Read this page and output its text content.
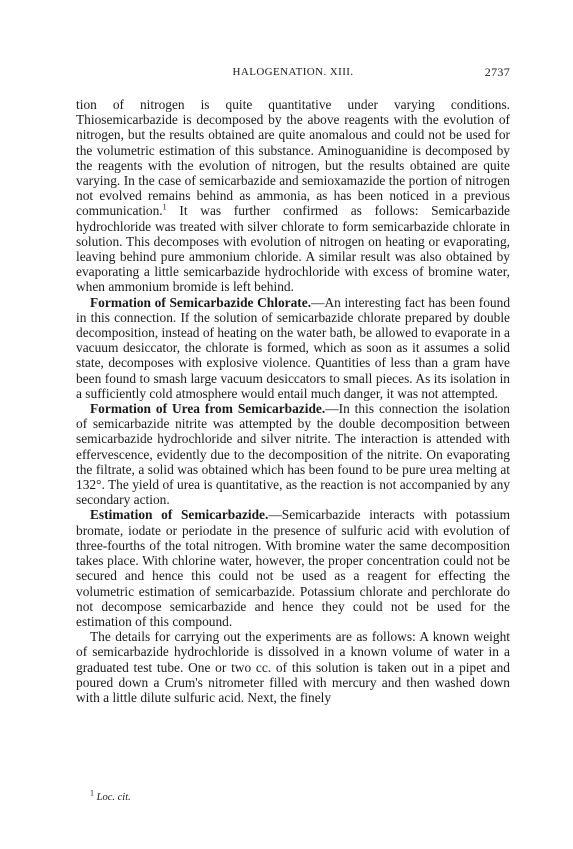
HALOGENATION. XIII.	2737

tion of nitrogen is quite quantitative under varying conditions. Thiosemicarbazide is decomposed by the above reagents with the evolution of nitrogen, but the results obtained are quite anomalous and could not be used for the volumetric estimation of this substance. Aminoguanidine is decomposed by the reagents with the evolution of nitrogen, but the results obtained are quite varying. In the case of semicarbazide and semioxamazide the portion of nitrogen not evolved remains behind as ammonia, as has been noticed in a previous communication.$^1$ It was further confirmed as follows: Semicarbazide hydrochloride was treated with silver chlorate to form semicarbazide chlorate in solution. This decomposes with evolution of nitrogen on heating or evaporating, leaving behind pure ammonium chloride. A similar result was also obtained by evaporating a little semicarbazide hydrochloride with excess of bromine water, when ammonium bromide is left behind.

Formation of Semicarbazide Chlorate.—An interesting fact has been found in this connection. If the solution of semicarbazide chlorate prepared by double decomposition, instead of heating on the water bath, be allowed to evaporate in a vacuum desiccator, the chlorate is formed, which as soon as it assumes a solid state, decomposes with explosive violence. Quantities of less than a gram have been found to smash large vacuum desiccators to small pieces. As its isolation in a sufficiently cold atmosphere would entail much danger, it was not attempted.

Formation of Urea from Semicarbazide.—In this connection the isolation of semicarbazide nitrite was attempted by the double decomposition between semicarbazide hydrochloride and silver nitrite. The interaction is attended with effervescence, evidently due to the decomposition of the nitrite. On evaporating the filtrate, a solid was obtained which has been found to be pure urea melting at 132°. The yield of urea is quantitative, as the reaction is not accompanied by any secondary action.

Estimation of Semicarbazide.—Semicarbazide interacts with potassium bromate, iodate or periodate in the presence of sulfuric acid with evolution of three-fourths of the total nitrogen. With bromine water the same decomposition takes place. With chlorine water, however, the proper concentration could not be secured and hence this could not be used as a reagent for effecting the volumetric estimation of semicarbazide. Potassium chlorate and perchlorate do not decompose semicarbazide and hence they could not be used for the estimation of this compound.

The details for carrying out the experiments are as follows: A known weight of semicarbazide hydrochloride is dissolved in a known volume of water in a graduated test tube. One or two cc. of this solution is taken out in a pipet and poured down a Crum's nitrometer filled with mercury and then washed down with a little dilute sulfuric acid. Next, the finely

$^1$ Loc. cit.
